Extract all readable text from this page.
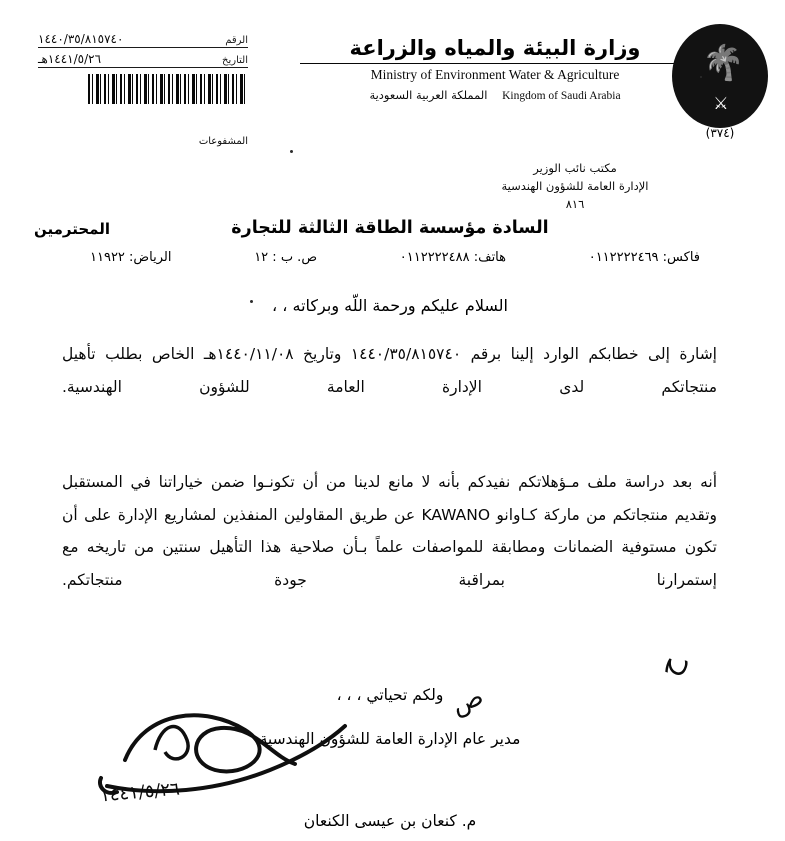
الرقم
١٤٤٠/٣٥/٨١٥٧٤٠
التاريخ
١٤٤١/٥/٢٦هـ
المشفوعات
وزارة البيئة والمياه والزراعة
Ministry of Environment Water & Agriculture
Kingdom of Saudi Arabia    المملكة العربية السعودية
🌴
⚔
(٣٧٤)
مكتب نائب الوزير
الإدارة العامة للشؤون الهندسية
٨١٦
السادة مؤسسة الطاقة الثالثة للتجارة
المحترمين
فاكس: ٠١١٢٢٢٢٤٦٩
هاتف: ٠١١٢٢٢٢٤٨٨
ص. ب : ١٢
الرياض: ١١٩٢٢
السلام عليكم ورحمة اللّه وبركاته ، ،
إشارة إلى خطابكم الوارد إلينا برقم ١٤٤٠/٣٥/٨١٥٧٤٠ وتاريخ ١٤٤٠/١١/٠٨هـ الخاص بطلب تأهيل منتجاتكم لدى الإدارة العامة للشؤون الهندسية.
أنه بعد دراسة ملف مـؤهلاتكم نفيدكم بأنه لا مانع لدينا من أن تكونـوا ضمن خياراتنا في المستقبل وتقديم منتجاتكم من ماركة كـاوانو KAWANO عن طريق المقاولين المنفذين لمشاريع الإدارة على أن تكون مستوفية الضمانات ومطابقة للمواصفات علماً بـأن صلاحية هذا التأهيل سنتين من تاريخه مع إستمرارنا بمراقبة جودة منتجاتكم.
ولكم تحياتي ، ، ،
مدير عام الإدارة العامة للشؤون الهندسية
م. كنعان بن عيسى الكنعان
ح
ص
١٤٤١/٥/٢٦
